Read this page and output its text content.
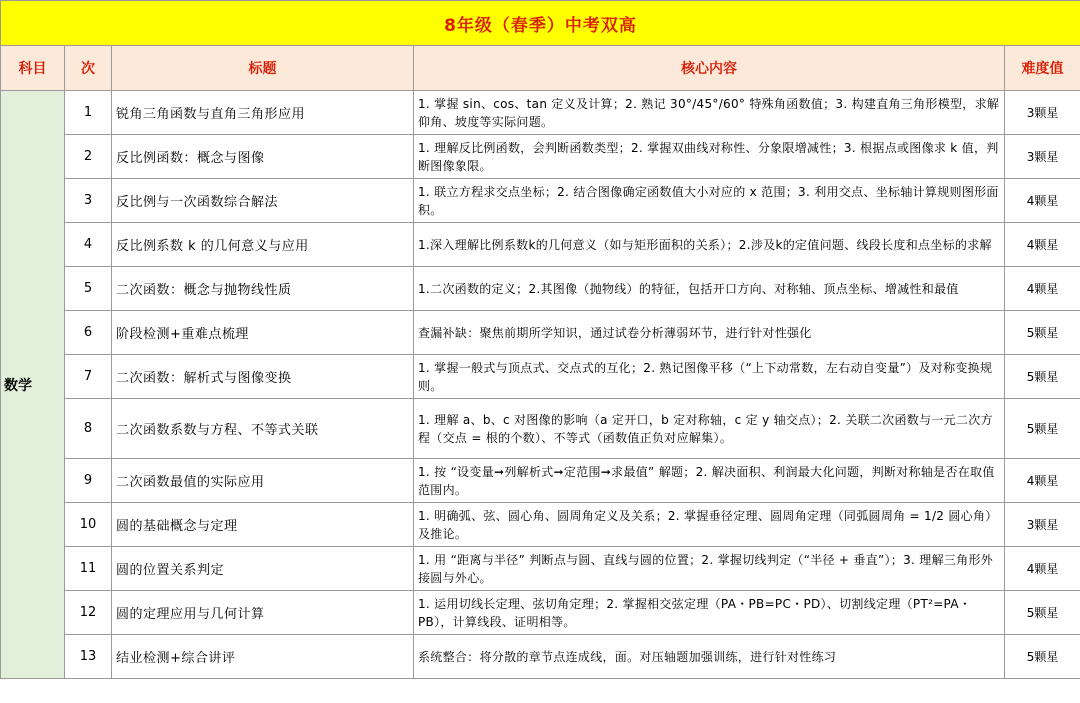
8年级（春季）中考双高				
科目	次	标题	核心内容	难度值
数学	1	锐角三角函数与直角三角形应用	1. 掌握 sin、cos、tan 定义及计算；2. 熟记 30°/45°/60° 特殊角函数值；3. 构建直角三角形模型，求解仰角、坡度等实际问题。	3颗星
	2	反比例函数：概念与图像	1. 理解反比例函数，会判断函数类型；2. 掌握双曲线对称性、分象限增减性；3. 根据点或图像求 k 值，判断图像象限。	3颗星
	3	反比例与一次函数综合解法	1. 联立方程求交点坐标；2. 结合图像确定函数值大小对应的 x 范围；3. 利用交点、坐标轴计算规则图形面积。	4颗星
	4	反比例系数 k 的几何意义与应用	1.深入理解比例系数k的几何意义（如与矩形面积的关系）；2.涉及k的定值问题、线段长度和点坐标的求解	4颗星
	5	二次函数：概念与抛物线性质	1.二次函数的定义；2.其图像（抛物线）的特征，包括开口方向、对称轴、顶点坐标、增减性和最值	4颗星
	6	阶段检测+重难点梳理	查漏补缺：聚焦前期所学知识，通过试卷分析薄弱环节，进行针对性强化	5颗星
	7	二次函数：解析式与图像变换	1. 掌握一般式与顶点式、交点式的互化；2. 熟记图像平移（“上下动常数，左右动自变量”）及对称变换规则。	5颗星
	8	二次函数系数与方程、不等式关联	1. 理解 a、b、c 对图像的影响（a 定开口，b 定对称轴，c 定 y 轴交点）；2. 关联二次函数与一元二次方程（交点 = 根的个数）、不等式（函数值正负对应解集）。	5颗星
	9	二次函数最值的实际应用	1. 按 “设变量➞列解析式➞定范围➞求最值” 解题；2. 解决面积、利润最大化问题，判断对称轴是否在取值范围内。	4颗星
	10	圆的基础概念与定理	1. 明确弧、弦、圆心角、圆周角定义及关系；2. 掌握垂径定理、圆周角定理（同弧圆周角 = 1/2 圆心角）及推论。	3颗星
	11	圆的位置关系判定	1. 用 “距离与半径” 判断点与圆、直线与圆的位置；2. 掌握切线判定（“半径 + 垂直”）；3. 理解三角形外接圆与外心。	4颗星
	12	圆的定理应用与几何计算	1. 运用切线长定理、弦切角定理；2. 掌握相交弦定理（PA・PB=PC・PD）、切割线定理（PT²=PA・PB），计算线段、证明相等。	5颗星
	13	结业检测+综合讲评	系统整合：将分散的章节点连成线，面。对压轴题加强训练，进行针对性练习	5颗星
